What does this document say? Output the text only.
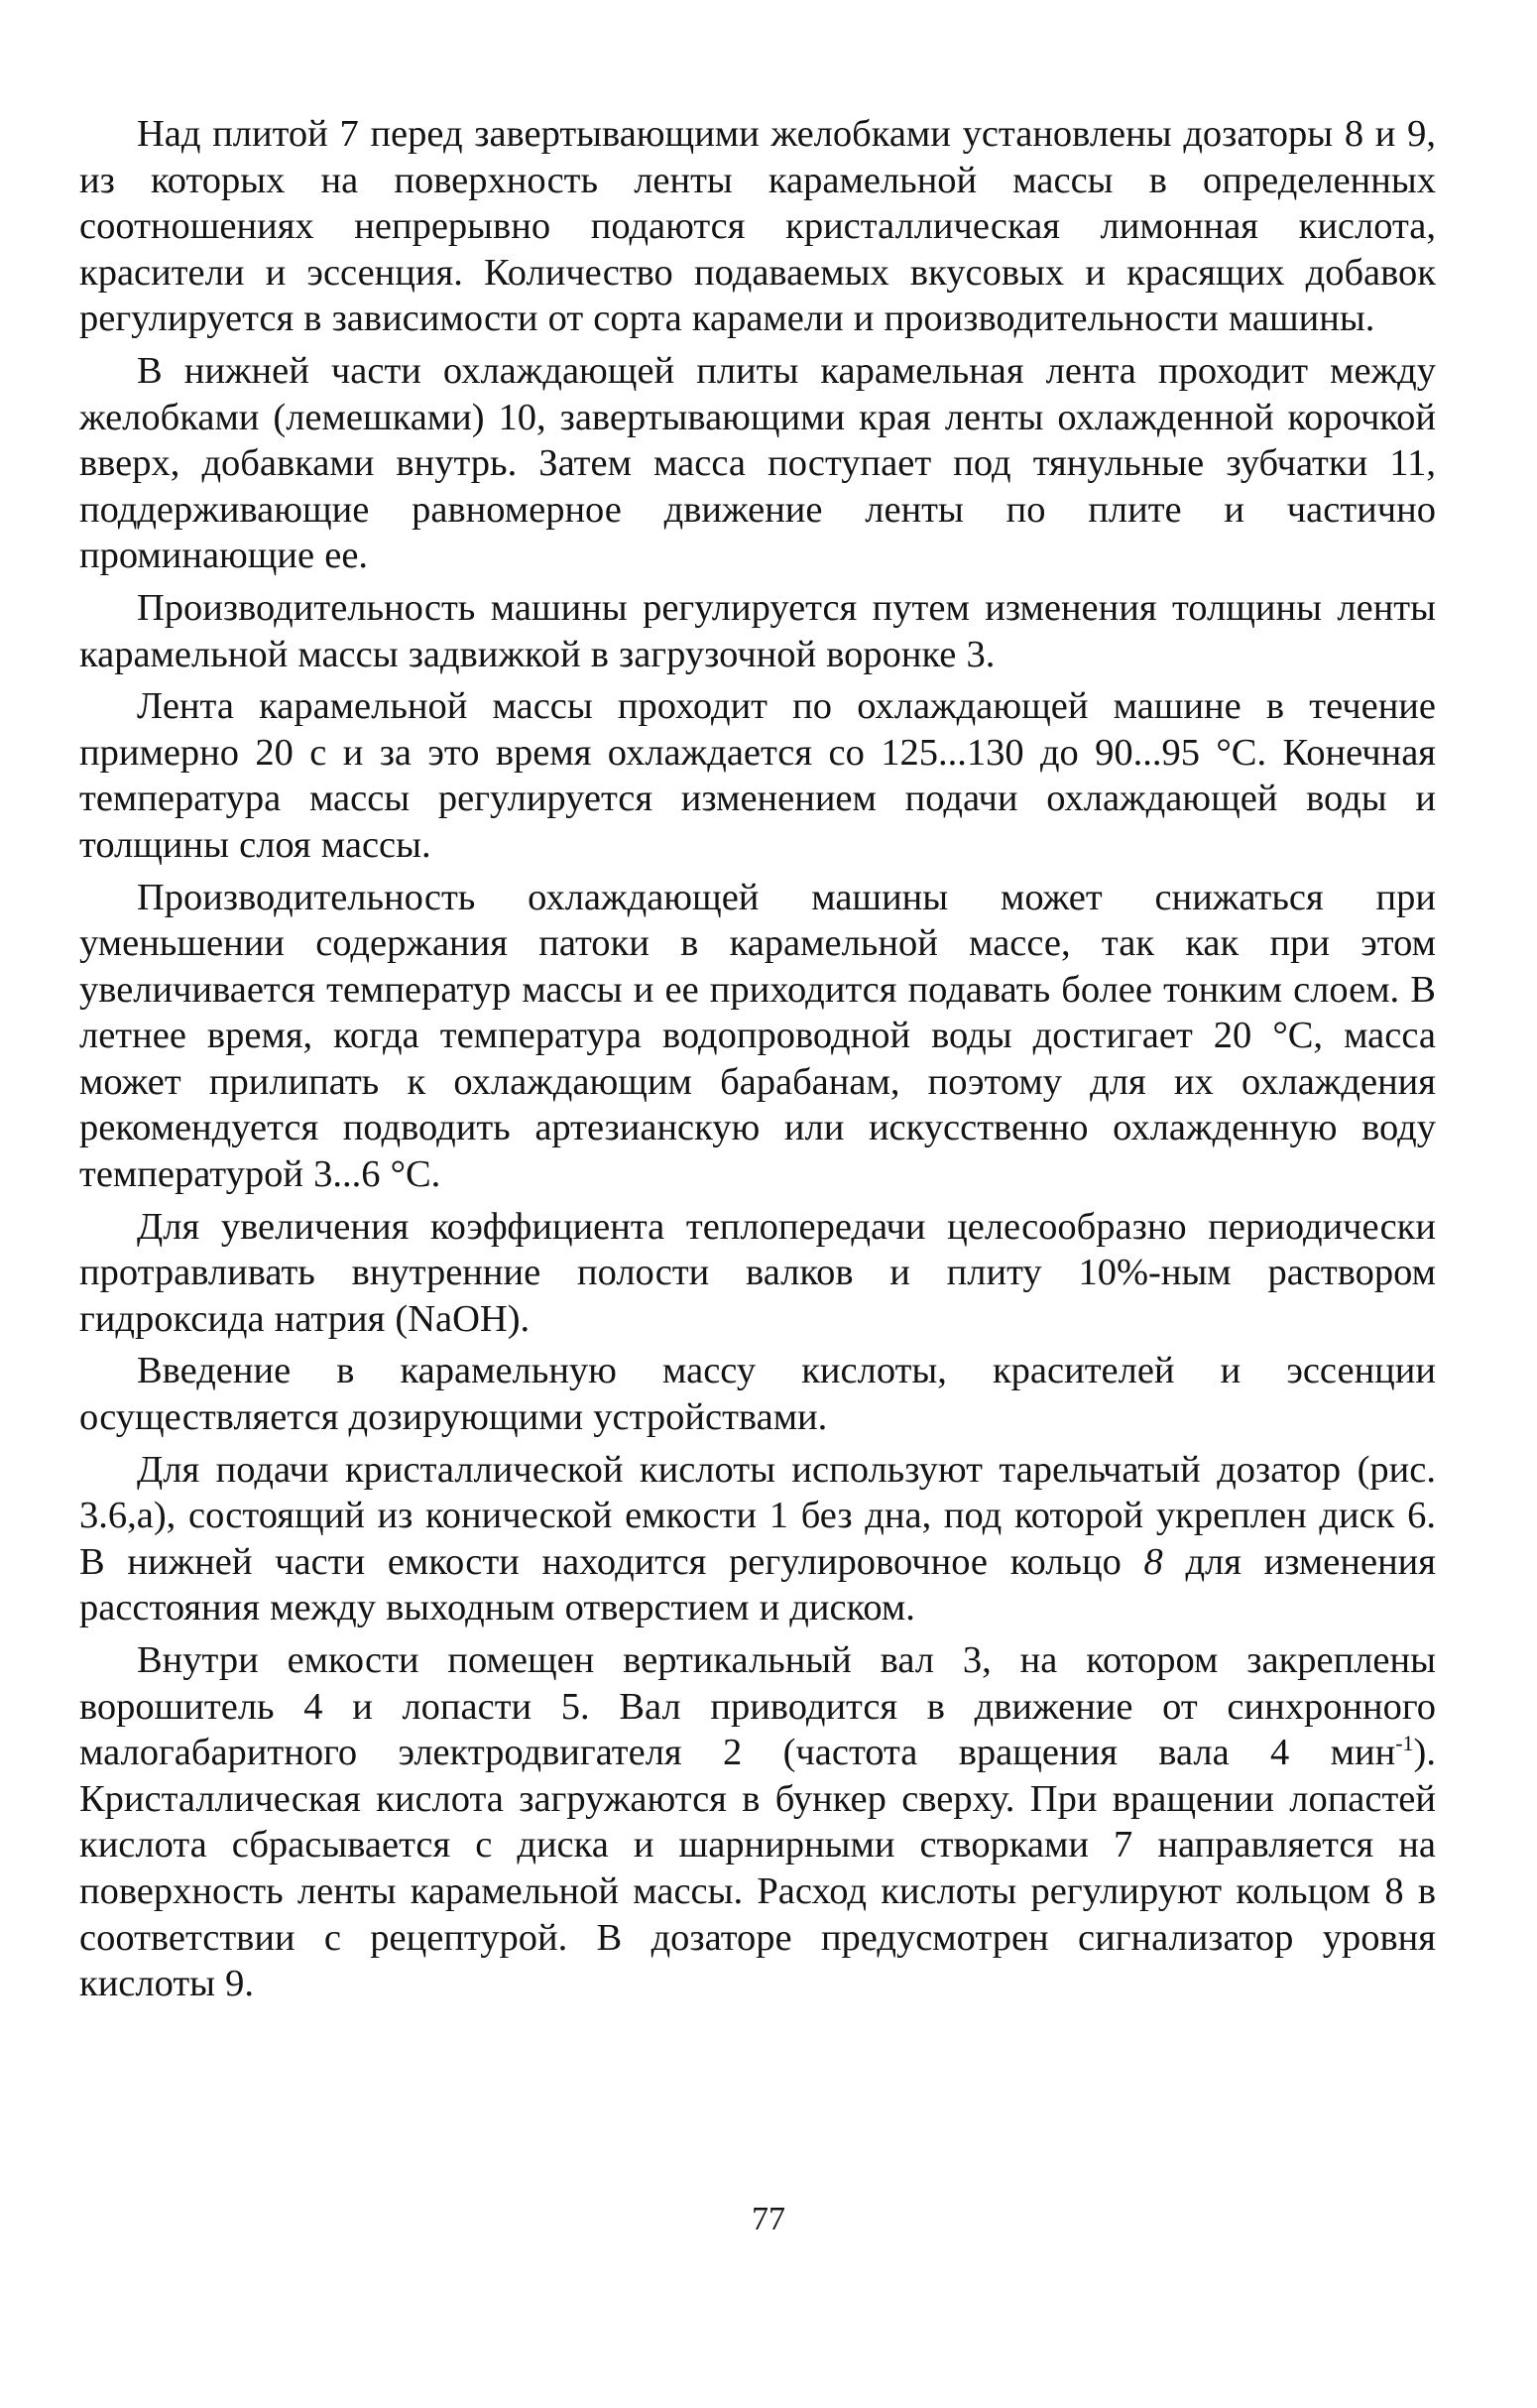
Над плитой 7 перед завертывающими желобками установлены дозаторы 8 и 9, из которых на поверхность ленты карамельной массы в определенных соотношениях непрерывно подаются кристаллическая лимонная кислота, красители и эссенция. Количество подаваемых вкусовых и красящих добавок регулируется в зависимости от сорта карамели и производительности машины.

В нижней части охлаждающей плиты карамельная лента проходит между желобками (лемешками) 10, завертывающими края ленты охлажденной корочкой вверх, добавками внутрь. Затем масса поступает под тянульные зубчатки 11, поддерживающие равномерное движение ленты по плите и частично проминающие ее.

Производительность машины регулируется путем изменения толщины ленты карамельной массы задвижкой в загрузочной воронке 3.

Лента карамельной массы проходит по охлаждающей машине в течение примерно 20 с и за это время охлаждается со 125...130 до 90...95 °С. Конечная температура массы регулируется изменением подачи охлаждающей воды и толщины слоя массы.

Производительность охлаждающей машины может снижаться при уменьшении содержания патоки в карамельной массе, так как при этом увеличивается температур массы и ее приходится подавать более тонким слоем. В летнее время, когда температура водопроводной воды достигает 20 °С, масса может прилипать к охлаждающим барабанам, поэтому для их охлаждения рекомендуется подводить артезианскую или искусственно охлажденную воду температурой 3...6 °С.

Для увеличения коэффициента теплопередачи целесообразно периодически протравливать внутренние полости валков и плиту 10%-ным раствором гидроксида натрия (NaOH).

Введение в карамельную массу кислоты, красителей и эссенции осуществляется дозирующими устройствами.

Для подачи кристаллической кислоты используют тарельчатый дозатор (рис. 3.6,а), состоящий из конической емкости 1 без дна, под которой укреплен диск 6. В нижней части емкости находится регулировочное кольцо 8 для изменения расстояния между выходным отверстием и диском.

Внутри емкости помещен вертикальный вал 3, на котором закреплены ворошитель 4 и лопасти 5. Вал приводится в движение от синхронного малогабаритного электродвигателя 2 (частота вращения вала 4 мин$^{-1}$). Кристаллическая кислота загружаются в бункер сверху. При вращении лопастей кислота сбрасывается с диска и шарнирными створками 7 направляется на поверхность ленты карамельной массы. Расход кислоты регулируют кольцом 8 в соответствии с рецептурой. В дозаторе предусмотрен сигнализатор уровня кислоты 9.

77
